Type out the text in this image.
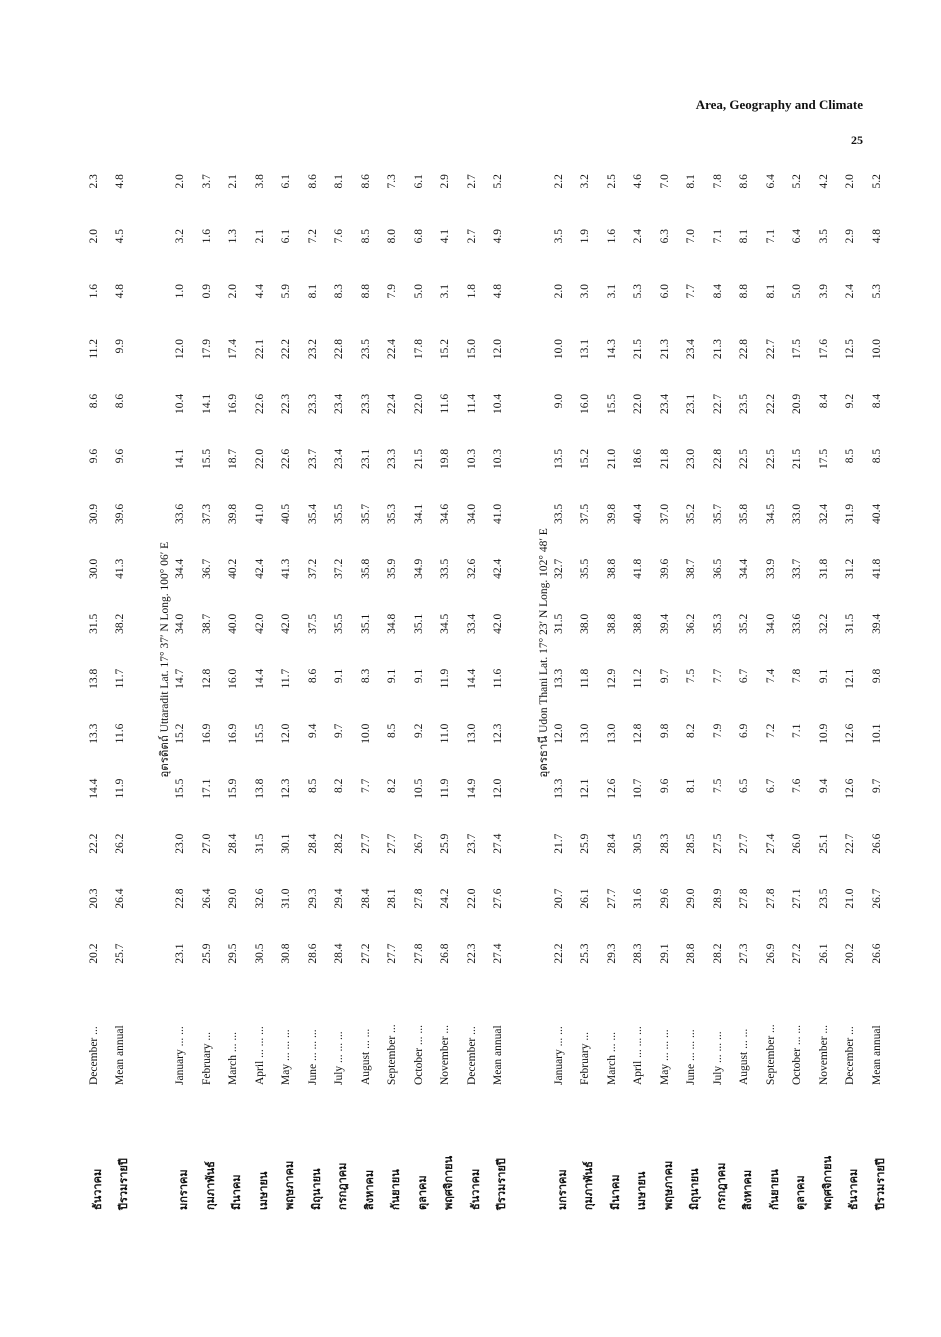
Area, Geography and Climate
25
ธันวาคม
December ...
20.2
20.3
22.2
14.4
13.3
13.8
31.5
30.0
30.9
9.6
8.6
11.2
1.6
2.0
2.3
ปีรวมรายปี
Mean annual
25.7
26.4
26.2
11.9
11.6
11.7
38.2
41.3
39.6
9.6
8.6
9.9
4.8
4.5
4.8
อุตรดิตถ์ Uttaradit Lat. 17° 37′ N Long. 100° 06′ E
มกราคม
January ... ...
23.1
22.8
23.0
15.5
15.2
14.7
34.0
34.4
33.6
14.1
10.4
12.0
1.0
3.2
2.0
กุมภาพันธ์
February ...
25.9
26.4
27.0
17.1
16.9
12.8
38.7
36.7
37.3
15.5
14.1
17.9
0.9
1.6
3.7
มีนาคม
March ... ...
29.5
29.0
28.4
15.9
16.9
16.0
40.0
40.2
39.8
18.7
16.9
17.4
2.0
1.3
2.1
เมษายน
April ... ... ...
30.5
32.6
31.5
13.8
15.5
14.4
42.0
42.4
41.0
22.0
22.6
22.1
4.4
2.1
3.8
พฤษภาคม
May ... ... ...
30.8
31.0
30.1
12.3
12.0
11.7
42.0
41.3
40.5
22.6
22.3
22.2
5.9
6.1
6.1
มิถุนายน
June ... ... ...
28.6
29.3
28.4
8.5
9.4
8.6
37.5
37.2
35.4
23.7
23.3
23.2
8.1
7.2
8.6
กรกฎาคม
July ... ... ...
28.4
29.4
28.2
8.2
9.7
9.1
35.5
37.2
35.5
23.4
23.4
22.8
8.3
7.6
8.1
สิงหาคม
August ... ...
27.2
28.4
27.7
7.7
10.0
8.3
35.1
35.8
35.7
23.1
23.3
23.5
8.8
8.5
8.6
กันยายน
September ...
27.7
28.1
27.7
8.2
8.5
9.1
34.8
35.9
35.3
23.3
22.4
22.4
7.9
8.0
7.3
ตุลาคม
October ... ...
27.8
27.8
26.7
10.5
9.2
9.1
35.1
34.9
34.1
21.5
22.0
17.8
5.0
6.8
6.1
พฤศจิกายน
November ...
26.8
24.2
25.9
11.9
11.0
11.9
34.5
33.5
34.6
19.8
11.6
15.2
3.1
4.1
2.9
ธันวาคม
December ...
22.3
22.0
23.7
14.9
13.0
14.4
33.4
32.6
34.0
10.3
11.4
15.0
1.8
2.7
2.7
ปีรวมรายปี
Mean annual
27.4
27.6
27.4
12.0
12.3
11.6
42.0
42.4
41.0
10.3
10.4
12.0
4.8
4.9
5.2
อุดรธานี Udon Thani Lat. 17° 23′ N Long. 102° 48′ E
มกราคม
January ... ...
22.2
20.7
21.7
13.3
12.0
13.3
31.5
32.7
33.5
13.5
9.0
10.0
2.0
3.5
2.2
กุมภาพันธ์
February ...
25.3
26.1
25.9
12.1
13.0
11.8
38.0
35.5
37.5
15.2
16.0
13.1
3.0
1.9
3.2
มีนาคม
March ... ...
29.3
27.7
28.4
12.6
13.0
12.9
38.8
38.8
39.8
21.0
15.5
14.3
3.1
1.6
2.5
เมษายน
April ... ... ...
28.3
31.6
30.5
10.7
12.8
11.2
38.8
41.8
40.4
18.6
22.0
21.5
5.3
2.4
4.6
พฤษภาคม
May ... ... ...
29.1
29.6
28.3
9.6
9.8
9.7
39.4
39.6
37.0
21.8
23.4
21.3
6.0
6.3
7.0
มิถุนายน
June ... ... ...
28.8
29.0
28.5
8.1
8.2
7.5
36.2
38.7
35.2
23.0
23.1
23.4
7.7
7.0
8.1
กรกฎาคม
July ... ... ...
28.2
28.9
27.5
7.5
7.9
7.7
35.3
36.5
35.7
22.8
22.7
21.3
8.4
7.1
7.8
สิงหาคม
August ... ...
27.3
27.8
27.7
6.5
6.9
6.7
35.2
34.4
35.8
22.5
23.5
22.8
8.8
8.1
8.6
กันยายน
September ...
26.9
27.8
27.4
6.7
7.2
7.4
34.0
33.9
34.5
22.5
22.2
22.7
8.1
7.1
6.4
ตุลาคม
October ... ...
27.2
27.1
26.0
7.6
7.1
7.8
33.6
33.7
33.0
21.5
20.9
17.5
5.0
6.4
5.2
พฤศจิกายน
November ...
26.1
23.5
25.1
9.4
10.9
9.1
32.2
31.8
32.4
17.5
8.4
17.6
3.9
3.5
4.2
ธันวาคม
December ...
20.2
21.0
22.7
12.6
12.6
12.1
31.5
31.2
31.9
8.5
9.2
12.5
2.4
2.9
2.0
ปีรวมรายปี
Mean annual
26.6
26.7
26.6
9.7
10.1
9.8
39.4
41.8
40.4
8.5
8.4
10.0
5.3
4.8
5.2
